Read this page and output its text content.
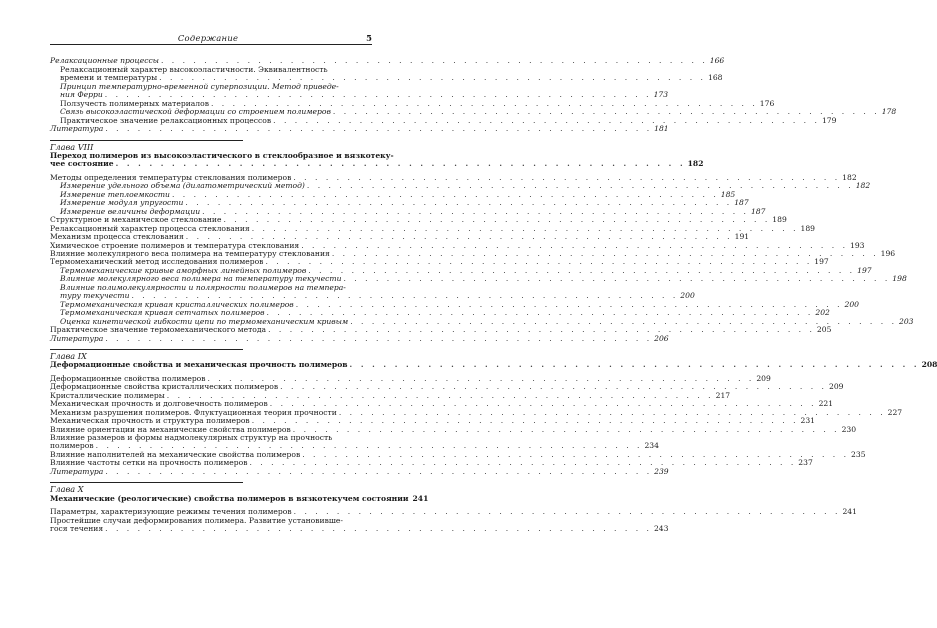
Содержание	5
Релаксационные процессы . . . . . . . . . . . . . . . . . . . . . . . . . . . . . . . . . . . . . . . . . . . . . . . . . . . 166
Релаксационный характер высокоэластичности. Эквивалентность
времени и температуры . . . . . . . . . . . . . . . . . . . . . . . . . . . . . . . . . . . . . . . . . . . . . . . . . . . 168
Принцип температурно-временной суперпозиции. Метод приведе-
ния Ферри . . . . . . . . . . . . . . . . . . . . . . . . . . . . . . . . . . . . . . . . . . . . . . . . . . . 173
Ползучесть полимерных материалов . . . . . . . . . . . . . . . . . . . . . . . . . . . . . . . . . . . . . . . . . . . . . . . . . . . 176
Связь высокоэластической деформации со строением полимеров . . . . . . . . . . . . . . . . . . . . . . . . . . . . . . . . . . . . . . . . . . . . . . . . . . . 178
Практическое значение релаксационных процессов . . . . . . . . . . . . . . . . . . . . . . . . . . . . . . . . . . . . . . . . . . . . . . . . . . . 179
Литература . . . . . . . . . . . . . . . . . . . . . . . . . . . . . . . . . . . . . . . . . . . . . . . . . . . 181
Глава VIII
Переход полимеров из высокоэластического в стеклообразное и вязкотеку-
чее состояние . . . . . . . . . . . . . . . . . . . . . . . . . . . . . . . . . . . . . . . . . . . . . . . . . . . 182
Методы определения температуры стеклования полимеров . . . . . . . . . . . . . . . . . . . . . . . . . . . . . . . . . . . . . . . . . . . . . . . . . . . 182
Измерение удельного объема (дилатометрический метод) . . . . . . . . . . . . . . . . . . . . . . . . . . . . . . . . . . . . . . . . . . . . . . . . . . . 182
Измерение теплоемкости . . . . . . . . . . . . . . . . . . . . . . . . . . . . . . . . . . . . . . . . . . . . . . . . . . . 185
Измерение модуля упругости . . . . . . . . . . . . . . . . . . . . . . . . . . . . . . . . . . . . . . . . . . . . . . . . . . . 187
Измерение величины деформации . . . . . . . . . . . . . . . . . . . . . . . . . . . . . . . . . . . . . . . . . . . . . . . . . . . 187
Структурное и механическое стеклование . . . . . . . . . . . . . . . . . . . . . . . . . . . . . . . . . . . . . . . . . . . . . . . . . . . 189
Релаксационный характер процесса стеклования . . . . . . . . . . . . . . . . . . . . . . . . . . . . . . . . . . . . . . . . . . . . . . . . . . . 189
Механизм процесса стеклования . . . . . . . . . . . . . . . . . . . . . . . . . . . . . . . . . . . . . . . . . . . . . . . . . . . 191
Химическое строение полимеров и температура стеклования . . . . . . . . . . . . . . . . . . . . . . . . . . . . . . . . . . . . . . . . . . . . . . . . . . . 193
Влияние молекулярного веса полимера на температуру стеклования . . . . . . . . . . . . . . . . . . . . . . . . . . . . . . . . . . . . . . . . . . . . . . . . . . . 196
Термомеханический метод исследования полимеров . . . . . . . . . . . . . . . . . . . . . . . . . . . . . . . . . . . . . . . . . . . . . . . . . . . 197
Термомеханические кривые аморфных линейных полимеров . . . . . . . . . . . . . . . . . . . . . . . . . . . . . . . . . . . . . . . . . . . . . . . . . . . 197
Влияние молекулярного веса полимера на температуру текучести . . . . . . . . . . . . . . . . . . . . . . . . . . . . . . . . . . . . . . . . . . . . . . . . . . . 198
Влияние полимолекулярности и полярности полимеров на темпера-
туру текучести . . . . . . . . . . . . . . . . . . . . . . . . . . . . . . . . . . . . . . . . . . . . . . . . . . . 200
Термомеханическая кривая кристаллических полимеров . . . . . . . . . . . . . . . . . . . . . . . . . . . . . . . . . . . . . . . . . . . . . . . . . . . 200
Термомеханическая кривая сетчатых полимеров . . . . . . . . . . . . . . . . . . . . . . . . . . . . . . . . . . . . . . . . . . . . . . . . . . . 202
Оценка кинетической гибкости цепи по термомеханическим кривым . . . . . . . . . . . . . . . . . . . . . . . . . . . . . . . . . . . . . . . . . . . . . . . . . . . 203
Практическое значение термомеханического метода . . . . . . . . . . . . . . . . . . . . . . . . . . . . . . . . . . . . . . . . . . . . . . . . . . . 205
Литература . . . . . . . . . . . . . . . . . . . . . . . . . . . . . . . . . . . . . . . . . . . . . . . . . . . 206
Глава IX
Деформационные свойства и механическая прочность полимеров . . . . . . . . . . . . . . . . . . . . . . . . . . . . . . . . . . . . . . . . . . . . . . . . . . . 208
Деформационные свойства полимеров . . . . . . . . . . . . . . . . . . . . . . . . . . . . . . . . . . . . . . . . . . . . . . . . . . . 209
Деформационные свойства кристаллических полимеров . . . . . . . . . . . . . . . . . . . . . . . . . . . . . . . . . . . . . . . . . . . . . . . . . . . 209
Кристаллические полимеры . . . . . . . . . . . . . . . . . . . . . . . . . . . . . . . . . . . . . . . . . . . . . . . . . . . 217
Механическая прочность и долговечность полимеров . . . . . . . . . . . . . . . . . . . . . . . . . . . . . . . . . . . . . . . . . . . . . . . . . . . 221
Механизм разрушения полимеров. Флуктуационная теория прочности . . . . . . . . . . . . . . . . . . . . . . . . . . . . . . . . . . . . . . . . . . . . . . . . . . . 227
Механическая прочность и структура полимеров . . . . . . . . . . . . . . . . . . . . . . . . . . . . . . . . . . . . . . . . . . . . . . . . . . . 231
Влияние ориентации на механические свойства полимеров . . . . . . . . . . . . . . . . . . . . . . . . . . . . . . . . . . . . . . . . . . . . . . . . . . . 230
Влияние размеров и формы надмолекулярных структур на прочность
полимеров . . . . . . . . . . . . . . . . . . . . . . . . . . . . . . . . . . . . . . . . . . . . . . . . . . . 234
Влияние наполнителей на механические свойства полимеров . . . . . . . . . . . . . . . . . . . . . . . . . . . . . . . . . . . . . . . . . . . . . . . . . . . 235
Влияние частоты сетки на прочность полимеров . . . . . . . . . . . . . . . . . . . . . . . . . . . . . . . . . . . . . . . . . . . . . . . . . . . 237
Литература . . . . . . . . . . . . . . . . . . . . . . . . . . . . . . . . . . . . . . . . . . . . . . . . . . . 239
Глава X
Механические (реологические) свойства полимеров в вязкотекучем состоянии 241
Параметры, характеризующие режимы течения полимеров . . . . . . . . . . . . . . . . . . . . . . . . . . . . . . . . . . . . . . . . . . . . . . . . . . . 241
Простейшие случаи деформирования полимера. Развитие установивше-
гося течения . . . . . . . . . . . . . . . . . . . . . . . . . . . . . . . . . . . . . . . . . . . . . . . . . . . 243
